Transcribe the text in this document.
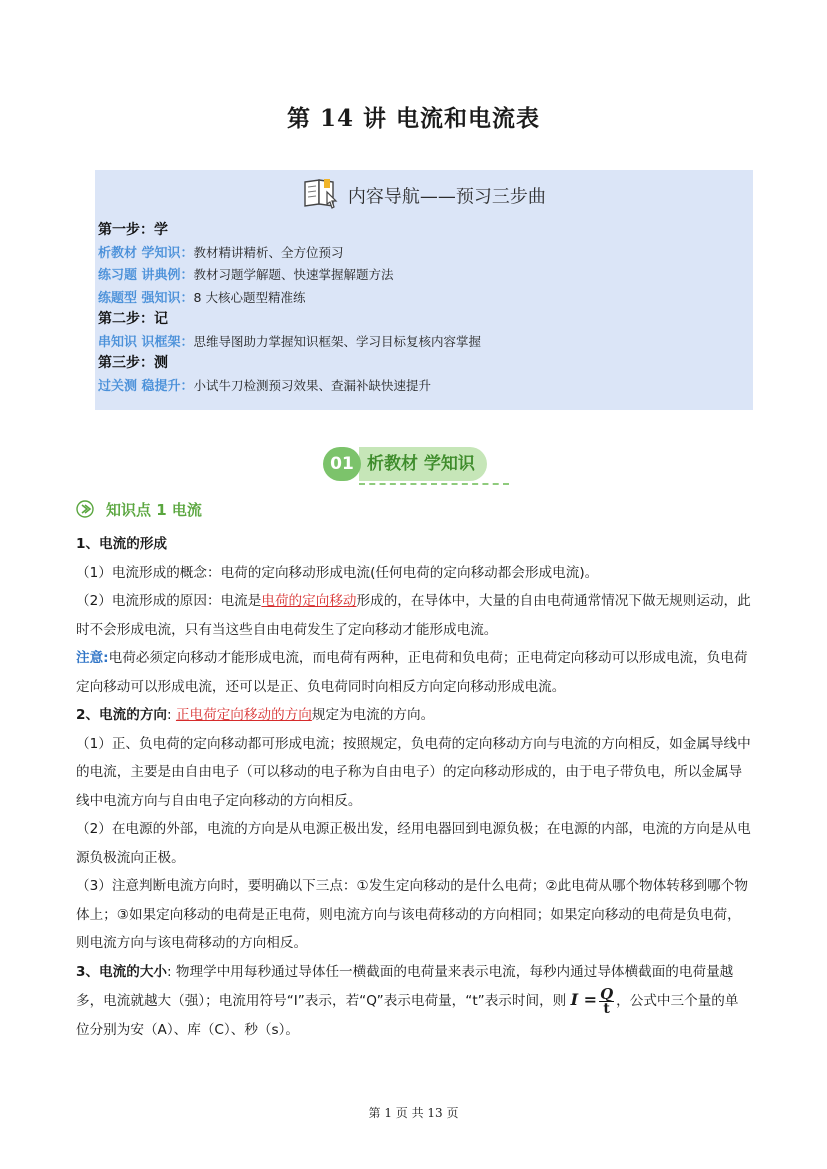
第 14 讲 电流和电流表
内容导航——预习三步曲
第一步：学
析教材 学知识：教材精讲精析、全方位预习
练习题 讲典例：教材习题学解题、快速掌握解题方法
练题型 强知识：8 大核心题型精准练
第二步：记
串知识 识框架：思维导图助力掌握知识框架、学习目标复核内容掌握
第三步：测
过关测 稳提升：小试牛刀检测预习效果、查漏补缺快速提升
析教材 学知识
01
知识点 1 电流

1、电流的形成

（1）电流形成的概念：电荷的定向移动形成电流(任何电荷的定向移动都会形成电流)。

（2）电流形成的原因：电流是电荷的定向移动形成的，在导体中，大量的自由电荷通常情况下做无规则运动，此时不会形成电流，只有当这些自由电荷发生了定向移动才能形成电流。

注意:电荷必须定向移动才能形成电流，而电荷有两种，正电荷和负电荷；正电荷定向移动可以形成电流，负电荷定向移动可以形成电流，还可以是正、负电荷同时向相反方向定向移动形成电流。

2、电流的方向: 正电荷定向移动的方向规定为电流的方向。

（1）正、负电荷的定向移动都可形成电流；按照规定，负电荷的定向移动方向与电流的方向相反，如金属导线中的电流，主要是由自由电子（可以移动的电子称为自由电子）的定向移动形成的，由于电子带负电，所以金属导线中电流方向与自由电子定向移动的方向相反。

（2）在电源的外部，电流的方向是从电源正极出发，经用电器回到电源负极；在电源的内部，电流的方向是从电源负极流向正极。

（3）注意判断电流方向时，要明确以下三点：①发生定向移动的是什么电荷；②此电荷从哪个物体转移到哪个物体上；③如果定向移动的电荷是正电荷，则电流方向与该电荷移动的方向相同；如果定向移动的电荷是负电荷，则电流方向与该电荷移动的方向相反。

3、电流的大小: 物理学中用每秒通过导体任一横截面的电荷量来表示电流，每秒内通过导体横截面的电荷量越多，电流就越大（强）；电流用符号“I”表示，若“Q”表示电荷量，“t”表示时间，则 $I = \frac{Q}{t}$ ，公式中三个量的单位分别为安（A）、库（C）、秒（s）。

第 1 页 共 13 页
